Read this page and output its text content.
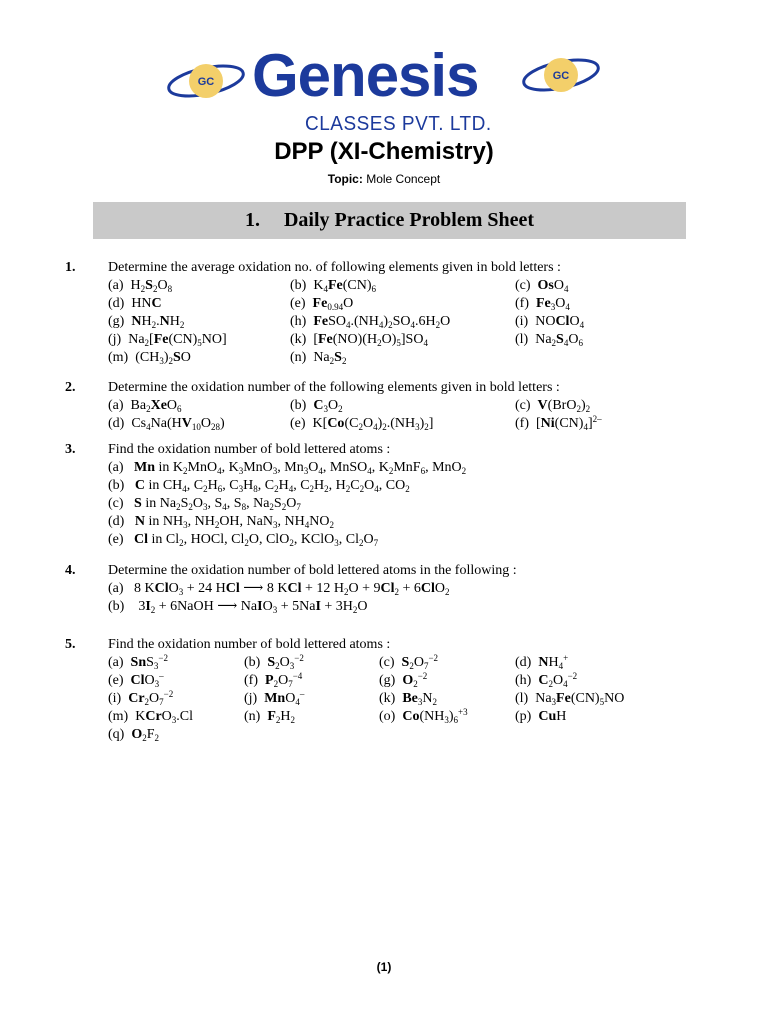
GC Genesis	GC
CLASSES PVT. LTD.
DPP (XI-Chemistry)
Topic: Mole Concept
1. Daily Practice Problem Sheet
1.	Determine the average oxidation no. of following elements given in bold letters :
(a)  $H_2S_2O_8$	(b)  $K_4Fe(CN)_6$	(c)  OsO$_4$
(d)  HNC	(e)  $Fe_{0.94}O$	(f)  $Fe_3O_4$
(g)  $NH_2.NH_2$	(h)  $FeSO_4.(NH_4)_2SO_4.6H_2O$	(i)  NOClO$_4$
(j)  $Na_2[Fe(CN)_5NO]$	(k)  $[Fe(NO)(H_2O)_5]SO_4$	(l)  $Na_2S_4O_6$
(m)  $(CH_3)_2SO$	(n)  $Na_2S_2$
2.	Determine the oxidation number of the following elements given in bold letters :
(a)  $Ba_2XeO_6$	(b)  $C_3O_2$	(c)  $V(BrO_2)_2$
(d)  $Cs_4Na(HV_{10}O_{28})$	(e)  $K[Co(C_2O_4)_2.(NH_3)_2]$	(f)  $[Ni(CN)_4]^{2-}$
3.	Find the oxidation number of bold lettered atoms :
(a)   Mn in $K_2MnO_4$, $K_3MnO_3$, $Mn_3O_4$, MnSO$_4$, $K_2MnF_6$, MnO$_2$
(b)   C in $CH_4$, $C_2H_6$, $C_3H_8$, $C_2H_4$, $C_2H_2$, $H_2C_2O_4$, $CO_2$
(c)   S in $Na_2S_2O_3$, $S_4$, $S_8$, $Na_2S_2O_7$
(d)   N in $NH_3$, $NH_2OH$, NaN$_3$, $NH_4NO_2$
(e)   Cl in $Cl_2$, HOCl, $Cl_2O$, ClO$_2$, KClO$_3$, $Cl_2O_7$
4.	Determine the oxidation number of bold lettered atoms in the following :
(a)   8 KClO$_3$ + 24 HCl ⟶ 8 KCl + 12 $H_2O + 9Cl_2 + 6ClO_2$
(b)    $3I_2$ + 6NaOH ⟶ NaIO$_3$ + $5NaI + 3H_2O$
5.	Find the oxidation number of bold lettered atoms :
(a)  SnS$_3^{-2}$	(b)  $S_2O_3^{-2}$	(c)  $S_2O_7^{-2}$	(d)  $NH_4^+$
(e)  ClO$_3$–	(f)  $P_2O_7^{-4}$	(g)  $O_2^{-2}$	(h)  $C_2O_4^{-2}$
(i)  $Cr_2O_7^{-2}$	(j)  MnO$_4$–	(k)  $Be_3N_2$	(l)  $Na_3Fe(CN)_5NO$
(m)  KCrO$_3$.Cl	(n)  $F_2H_2$	(o)  $Co(NH_3)_6^{+3}$	(p)  CuH
(q)  $O_2F_2$
(1)
